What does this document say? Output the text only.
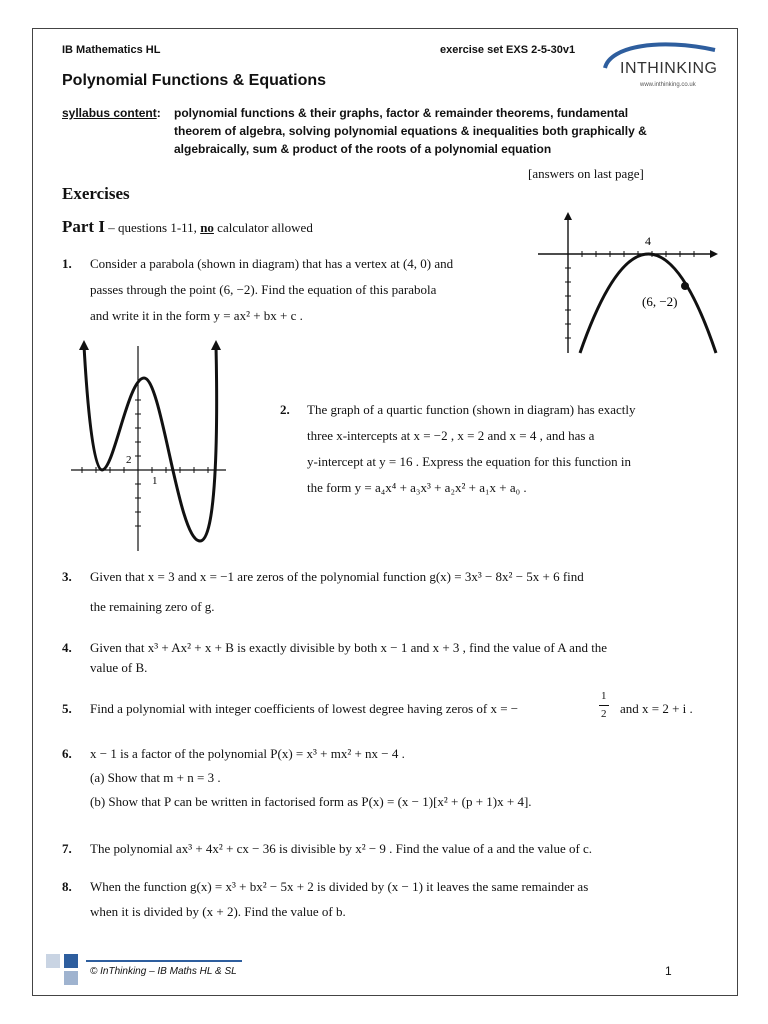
IB Mathematics HL	exercise set EXS 2-5-30v1
INTHINKING
www.inthinking.co.uk
Polynomial Functions & Equations
syllabus content: polynomial functions & their graphs, factor & remainder theorems, fundamental
theorem of algebra, solving polynomial equations & inequalities both graphically &
algebraically, sum & product of the roots of a polynomial equation
[answers on last page]
Exercises
Part I – questions 1-11, no calculator allowed
4
(6, −2)
1. Consider a parabola (shown in diagram) that has a vertex at (4, 0) and
passes through the point (6, −2). Find the equation of this parabola
and write it in the form y = ax² + bx + c .
2
1
2. The graph of a quartic function (shown in diagram) has exactly
three x-intercepts at x = −2 , x = 2 and x = 4 , and has a
y-intercept at y = 16 . Express the equation for this function in
the form y = a₄x⁴ + a₃x³ + a₂x² + a₁x + a₀ .
3. Given that x = 3 and x = −1 are zeros of the polynomial function g(x) = 3x³ − 8x² − 5x + 6 find
the remaining zero of g.
4. Given that x³ + Ax² + x + B is exactly divisible by both x − 1 and x + 3 , find the value of A and the
value of B.
5. Find a polynomial with integer coefficients of lowest degree having zeros of x = −
1
2 and x = 2 + i .
6. x − 1 is a factor of the polynomial P(x) = x³ + mx² + nx − 4 .
(a) Show that m + n = 3 .
(b) Show that P can be written in factorised form as P(x) = (x − 1)[x² + (p + 1)x + 4].
7. The polynomial ax³ + 4x² + cx − 36 is divisible by x² − 9 . Find the value of a and the value of c.
8. When the function g(x) = x³ + bx² − 5x + 2 is divided by (x − 1) it leaves the same remainder as
when it is divided by (x + 2). Find the value of b.
© InThinking – IB Maths HL & SL	1
